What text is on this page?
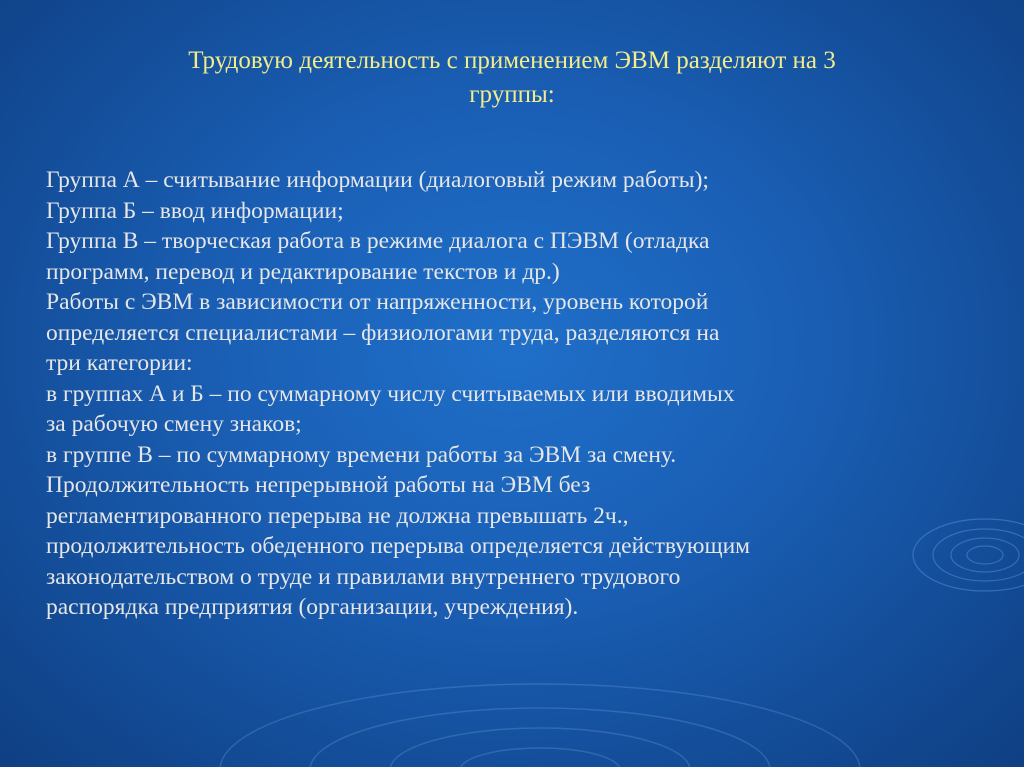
Трудовую деятельность с применением ЭВМ разделяют на 3
группы:
Группа А – считывание информации (диалоговый режим работы);
Группа Б – ввод информации;
Группа В – творческая работа в режиме диалога с ПЭВМ (отладка
программ, перевод и редактирование текстов и др.)
Работы с ЭВМ в зависимости от напряженности, уровень которой
определяется специалистами – физиологами труда, разделяются на
три категории:
в группах А и Б – по суммарному числу считываемых или вводимых
за рабочую смену знаков;
в группе В – по суммарному времени работы за ЭВМ за смену.
Продолжительность непрерывной работы на ЭВМ без
регламентированного перерыва не должна превышать 2ч.,
продолжительность обеденного перерыва определяется действующим
законодательством о труде и правилами внутреннего трудового
распорядка предприятия (организации, учреждения).
